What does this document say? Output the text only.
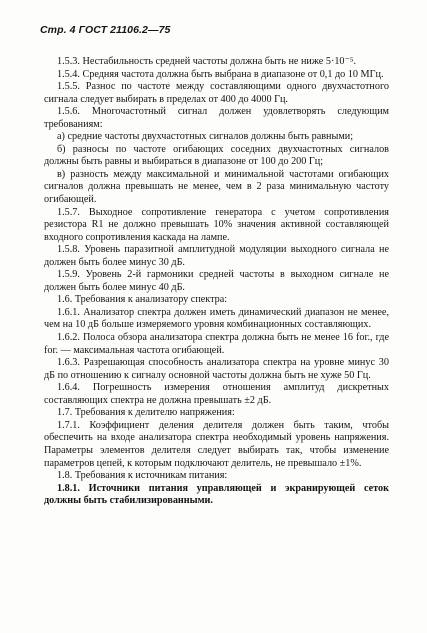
Стр. 4 ГОСТ 21106.2—75

1.5.3. Нестабильность средней частоты должна быть не ниже 5·10⁻⁵.

1.5.4. Средняя частота должна быть выбрана в диапазоне от 0,1 до 10 МГц.

1.5.5. Разнос по частоте между составляющими одного двухчастотного сигнала следует выбирать в пределах от 400 до 4000 Гц.

1.5.6. Многочастотный сигнал должен удовлетворять следующим требованиям:

а) средние частоты двухчастотных сигналов должны быть равными;

б) разносы по частоте огибающих соседних двухчастотных сигналов должны быть равны и выбираться в диапазоне от 100 до 200 Гц;

в) разность между максимальной и минимальной частотами огибающих сигналов должна превышать не менее, чем в 2 раза минимальную частоту огибающей.

1.5.7. Выходное сопротивление генератора с учетом сопротивления резистора R1 не должно превышать 10% значения активной составляющей входного сопротивления каскада на лампе.

1.5.8. Уровень паразитной амплитудной модуляции выходного сигнала не должен быть более минус 30 дБ.

1.5.9. Уровень 2-й гармоники средней частоты в выходном сигнале не должен быть более минус 40 дБ.

1.6. Требования к анализатору спектра:

1.6.1. Анализатор спектра должен иметь динамический диапазон не менее, чем на 10 дБ больше измеряемого уровня комбинационных составляющих.

1.6.2. Полоса обзора анализатора спектра должна быть не менее 16 fог., где fог. — максимальная частота огибающей.

1.6.3. Разрешающая способность анализатора спектра на уровне минус 30 дБ по отношению к сигналу основной частоты должна быть не хуже 50 Гц.

1.6.4. Погрешность измерения отношения амплитуд дискретных составляющих спектра не должна превышать ±2 дБ.

1.7. Требования к делителю напряжения:

1.7.1. Коэффициент деления делителя должен быть таким, чтобы обеспечить на входе анализатора спектра необходимый уровень напряжения. Параметры элементов делителя следует выбирать так, чтобы изменение параметров цепей, к которым подключают делитель, не превышало ±1%.

1.8. Требования к источникам питания:

1.8.1. Источники питания управляющей и экранирующей сеток должны быть стабилизированными.
